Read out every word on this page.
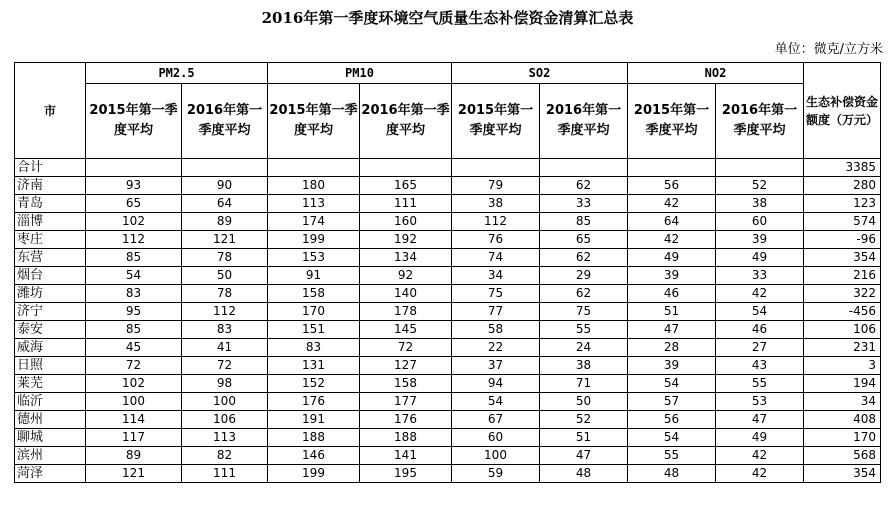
2016年第一季度环境空气质量生态补偿资金清算汇总表
单位：微克/立方米
市	PM2.5		PM10		SO2		NO2		生态补偿资金额度（万元）
	2015年第一季度平均	2016年第一季度平均	2015年第一季度平均	2016年第一季度平均	2015年第一季度平均	2016年第一季度平均	2015年第一季度平均	2016年第一季度平均	
合计									3385
济南	93	90	180	165	79	62	56	52	280
青岛	65	64	113	111	38	33	42	38	123
淄博	102	89	174	160	112	85	64	60	574
枣庄	112	121	199	192	76	65	42	39	-96
东营	85	78	153	134	74	62	49	49	354
烟台	54	50	91	92	34	29	39	33	216
潍坊	83	78	158	140	75	62	46	42	322
济宁	95	112	170	178	77	75	51	54	-456
泰安	85	83	151	145	58	55	47	46	106
威海	45	41	83	72	22	24	28	27	231
日照	72	72	131	127	37	38	39	43	3
莱芜	102	98	152	158	94	71	54	55	194
临沂	100	100	176	177	54	50	57	53	34
德州	114	106	191	176	67	52	56	47	408
聊城	117	113	188	188	60	51	54	49	170
滨州	89	82	146	141	100	47	55	42	568
菏泽	121	111	199	195	59	48	48	42	354
